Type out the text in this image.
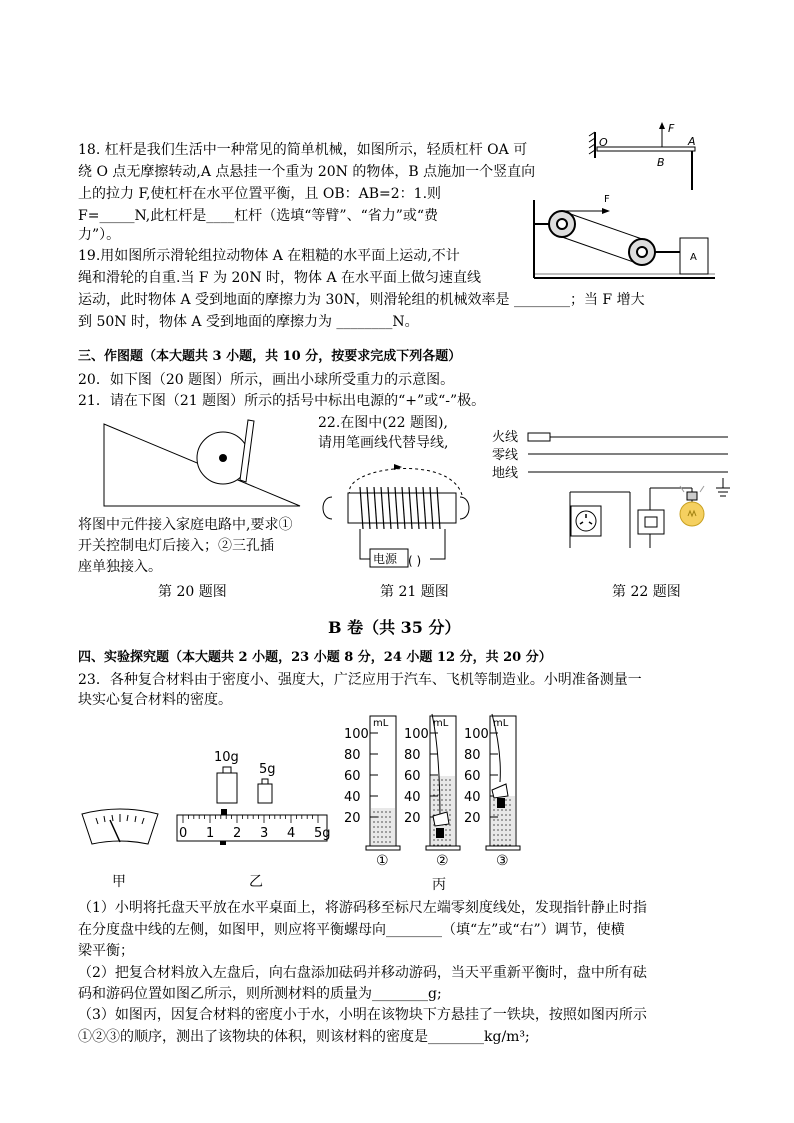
18. 杠杆是我们生活中一种常见的简单机械，如图所示，轻质杠杆 OA 可
绕 O 点无摩擦转动,A 点悬挂一个重为 20N 的物体，B 点施加一个竖直向
上的拉力 F,使杠杆在水平位置平衡，且 OB：AB=2：1.则
F=_____N,此杠杆是____杠杆（选填“等臂”、“省力”或“费
力”）。
19.用如图所示滑轮组拉动物体 A 在粗糙的水平面上运动,不计
绳和滑轮的自重.当 F 为 20N 时，物体 A 在水平面上做匀速直线
运动，此时物体 A 受到地面的摩擦力为 30N，则滑轮组的机械效率是 ________；当 F 增大
到 50N 时，物体 A 受到地面的摩擦力为 ________N。
O
F
A
B
F
A
三、作图题（本大题共 3 小题，共 10 分，按要求完成下列各题）
20．如下图（20 题图）所示，画出小球所受重力的示意图。
21．请在下图（21 题图）所示的括号中标出电源的“+”或“-”极。
22.在图中(22 题图),
请用笔画线代替导线,
将图中元件接入家庭电路中,要求①
开关控制电灯后接入；②三孔插
座单独接入。	电源 ( )
火线
零线
地线
第 20 题图	第 21 题图	第 22 题图
B 卷（共 35 分）
四、实验探究题（本大题共 2 小题，23 小题 8 分，24 小题 12 分，共 20 分）
23．各种复合材料由于密度小、强度大，广泛应用于汽车、飞机等制造业。小明准备测量一
块实心复合材料的密度。
甲
10g
5g
0 1 2 3 4 5g
乙
100
80
60
40
20
mL
①
100
80
60
40
20
mL
②
100
80
60
40
20
mL
③
丙
（1）小明将托盘天平放在水平桌面上，将游码移至标尺左端零刻度线处，发现指针静止时指
在分度盘中线的左侧，如图甲，则应将平衡螺母向________（填“左”或“右”）调节，使横
梁平衡；
（2）把复合材料放入左盘后，向右盘添加砝码并移动游码，当天平重新平衡时，盘中所有砝
码和游码位置如图乙所示，则所测材料的质量为________g;
（3）如图丙，因复合材料的密度小于水，小明在该物块下方悬挂了一铁块，按照如图丙所示
①②③的顺序，测出了该物块的体积，则该材料的密度是________kg/m³;
